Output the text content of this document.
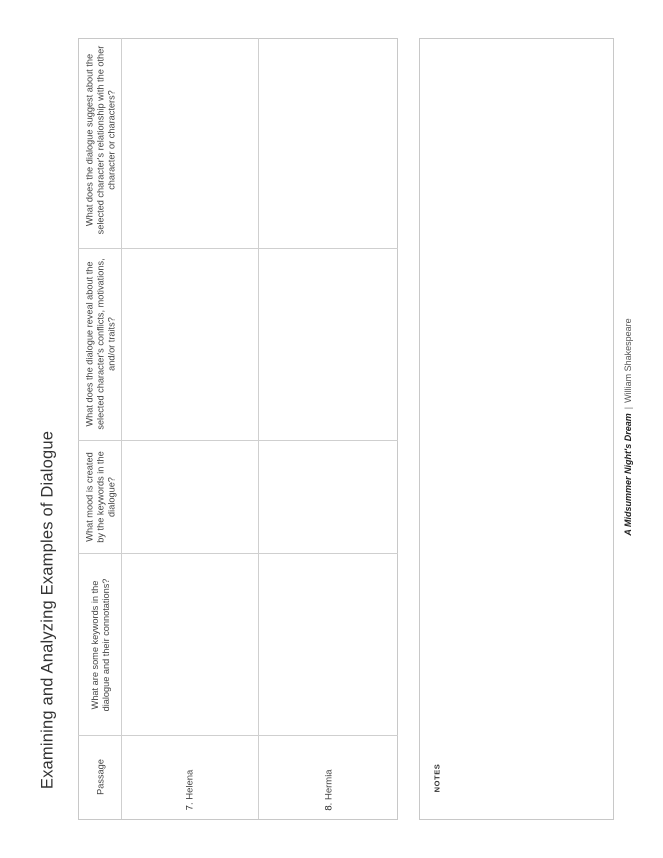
Examining and Analyzing Examples of Dialogue
What does the dialogue suggest about the selected character's relationship with the other character or characters?
What does the dialogue reveal about the selected character's conflicts, motivations, and/or traits?
What mood is created by the keywords in the dialogue?
What are some keywords in the dialogue and their connotations?
Passage
7. Helena
8. Hermia	NOTES
A Midsummer Night's Dream|William Shakespeare
